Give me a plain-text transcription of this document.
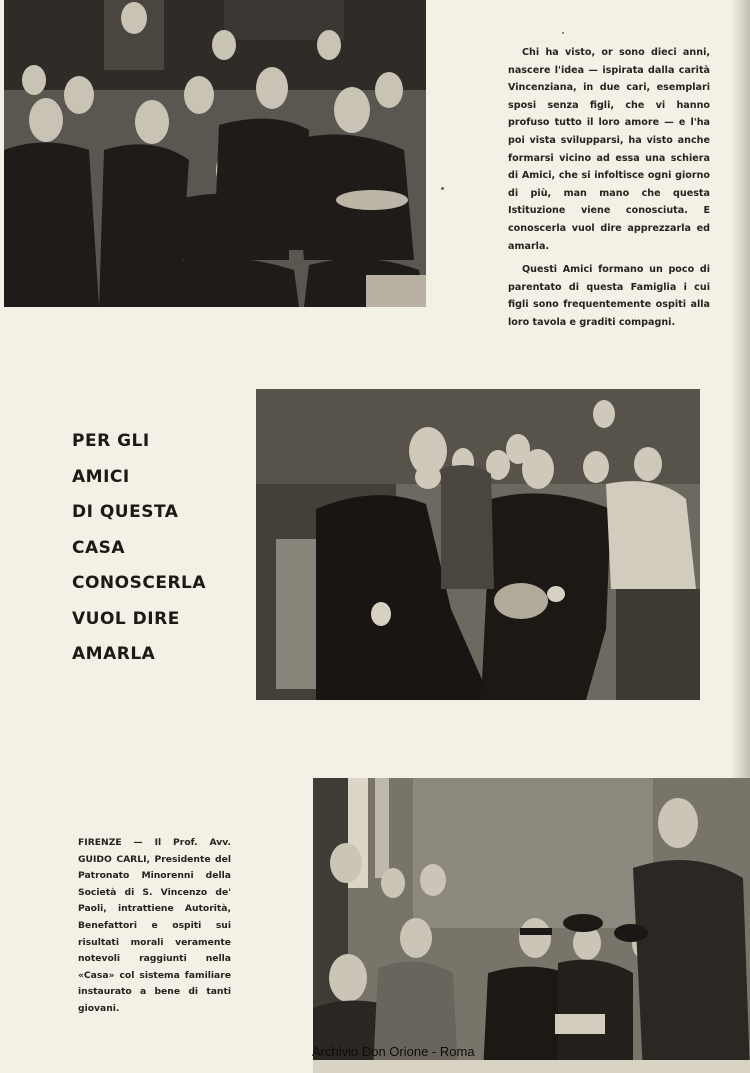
Chi ha visto, or sono dieci anni, nascere l'idea — ispirata dalla carità Vincenziana, in due cari, esemplari sposi senza figli, che vi hanno profuso tutto il loro amore — e l'ha poi vista svilupparsi, ha visto anche formarsi vicino ad essa una schiera di Amici, che si infoltisce ogni giorno di più, man mano che questa Istituzione viene conosciuta. E conoscerla vuol dire apprezzarla ed amarla.

Questi Amici formano un poco di parentato di questa Famiglia i cui figli sono frequentemente ospiti alla loro tavola e graditi compagni.

PER GLI
AMICI
DI QUESTA
CASA
CONOSCERLA
VUOL DIRE
AMARLA
FIRENZE — Il Prof. Avv. GUIDO CARLI, Presidente del Patronato Minorenni della Società di S. Vincenzo de' Paoli, intrattiene Autorità, Benefattori e ospiti sui risultati morali veramente notevoli raggiunti nella «Casa» col sistema familiare instaurato a bene di tanti giovani.
Archivio Don Orione - Roma
